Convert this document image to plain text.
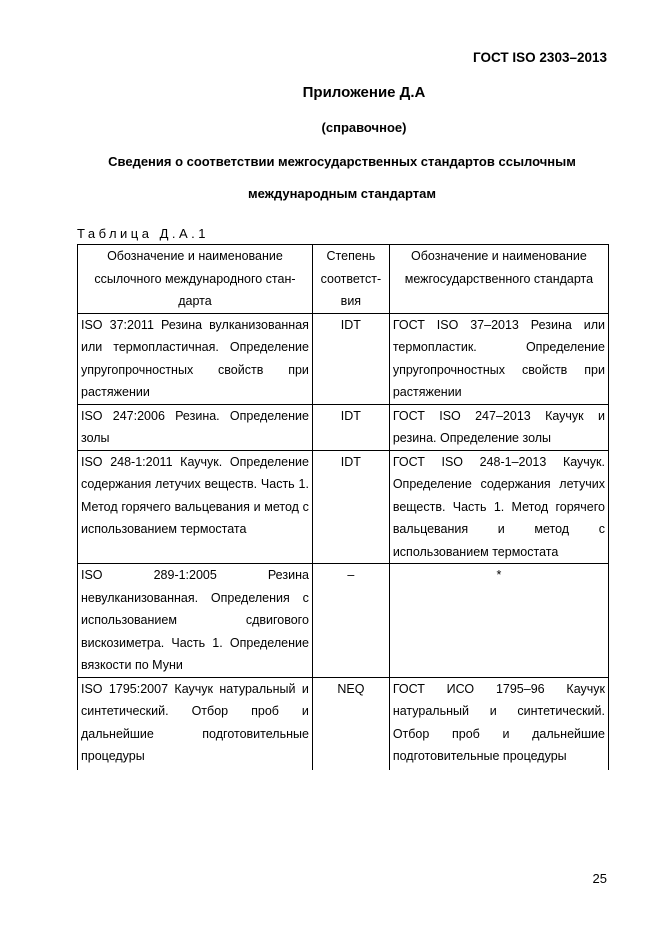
ГОСТ ISO 2303–2013
Приложение Д.А
(справочное)
Сведения о соответствии межгосударственных стандартов ссылочным международным стандартам
Таблица Д.А.1
Обозначение и наименование ссылочного международного стан-дарта	Степень соответст-вия	Обозначение и наименование межгосударственного стандарта
ISO 37:2011 Резина вулканизованная или термопластичная. Определение упругопрочностных свойств при растяжении	IDT	ГОСТ ISO 37–2013 Резина или термопластик. Определение упругопрочностных свойств при растяжении
ISO 247:2006 Резина. Определение золы	IDT	ГОСТ ISO 247–2013 Каучук и резина. Определение золы
ISO 248-1:2011 Каучук. Определение содержания летучих веществ. Часть 1. Метод горячего вальцевания и метод с использованием термостата	IDT	ГОСТ ISO 248-1–2013 Каучук. Определение содержания летучих веществ. Часть 1. Метод горячего вальцевания и метод с использованием термостата
ISO 289-1:2005 Резина невулканизованная. Определения с использованием сдвигового вискозиметра. Часть 1. Определение вязкости по Муни	–	*
ISO 1795:2007 Каучук натуральный и синтетический. Отбор проб и дальнейшие подготовительные процедуры	NEQ	ГОСТ ИСО 1795–96 Каучук натуральный и синтетический. Отбор проб и дальнейшие подготовительные процедуры
25
